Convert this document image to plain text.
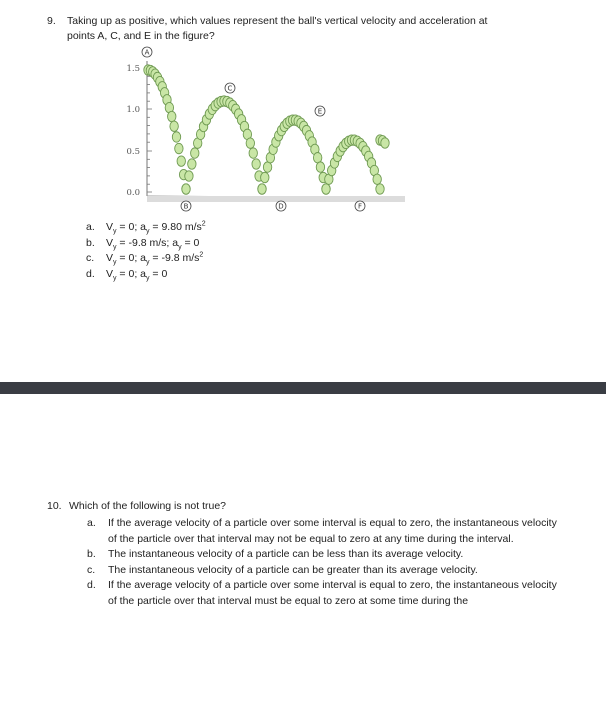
9. Taking up as positive, which values represent the ball's vertical velocity and acceleration at
points A, C, and E in the figure?
1.5
1.0
0.5
0.0
A
B
C
D
E
F
a. $V_y = 0$; $a_y = 9.80$ $m/s^2$
b. $V_y = -9.8$ m/s; $a_y = 0$
c. $V_y = 0$; $a_y = -9.8$ $m/s^2$
d. $V_y = 0$; $a_y = 0$
10. Which of the following is not true?
a.	If the average velocity of a particle over some interval is equal to zero, the instantaneous velocity of the particle over that interval may not be equal to zero at any time during the interval.
b.	The instantaneous velocity of a particle can be less than its average velocity.
c.	The instantaneous velocity of a particle can be greater than its average velocity.
d.	If the average velocity of a particle over some interval is equal to zero, the instantaneous velocity of the particle over that interval must be equal to zero at some time during the
